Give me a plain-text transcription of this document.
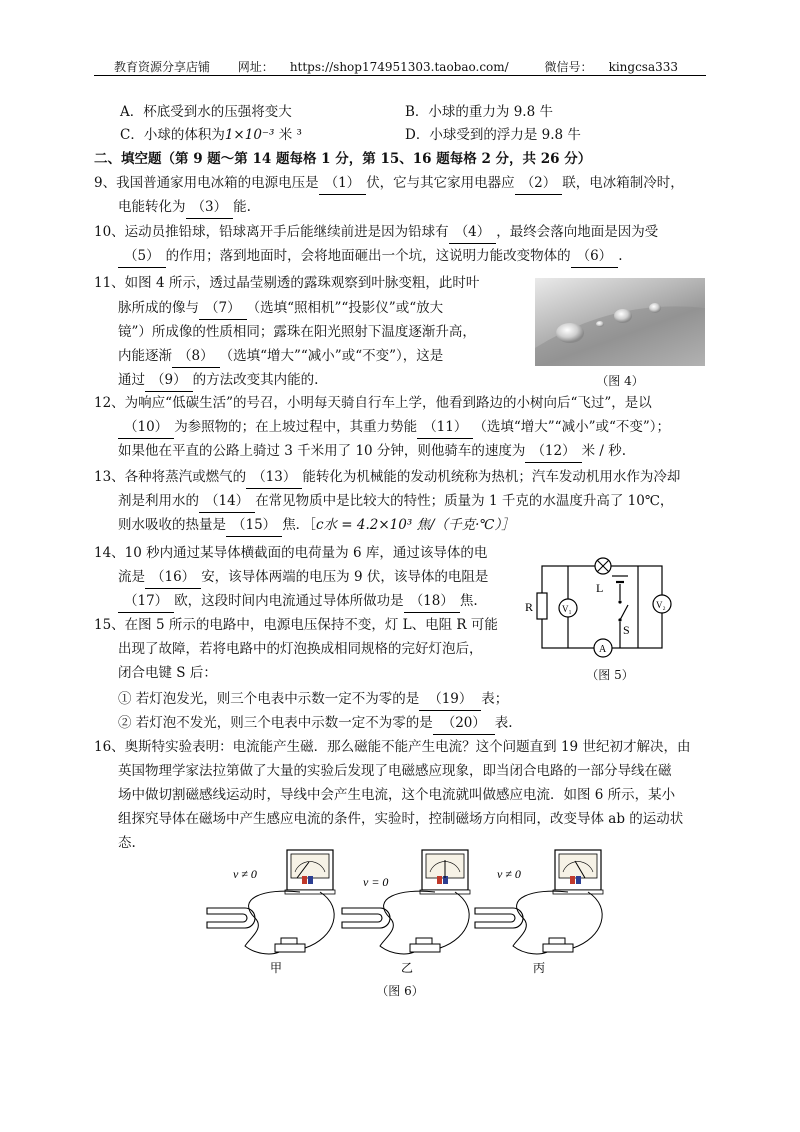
教育资源分享店铺 网址： https://shop174951303.taobao.com/	微信号： kingcsa333
A．杯底受到水的压强将变大	B．小球的重力为 9.8 牛
C．小球的体积为1×10⁻³ 米 ³	D．小球受到的浮力是 9.8 牛
二、填空题（第 9 题～第 14 题每格 1 分，第 15、16 题每格 2 分，共 26 分）
9、我国普通家用电冰箱的电源电压是 （1） 伏，它与其它家用电器应 （2） 联，电冰箱制冷时，
电能转化为 （3） 能.
10、运动员推铅球，铅球离开手后能继续前进是因为铅球有 （4） ，最终会落向地面是因为受
（5） 的作用；落到地面时，会将地面砸出一个坑，这说明力能改变物体的 （6） .
11、如图 4 所示，透过晶莹剔透的露珠观察到叶脉变粗，此时叶
脉所成的像与 （7） （选填“照相机”“投影仪”或“放大
镜”）所成像的性质相同；露珠在阳光照射下温度逐渐升高，
内能逐渐 （8） （选填“增大”“减小”或“不变”），这是
通过 （9） 的方法改变其内能的.	（图 4）
12、为响应“低碳生活”的号召，小明每天骑自行车上学，他看到路边的小树向后“飞过”，是以
（10） 为参照物的；在上坡过程中，其重力势能 （11） （选填“增大”“减小”或“不变”）；
如果他在平直的公路上骑过 3 千米用了 10 分钟，则他骑车的速度为 （12） 米 / 秒.
13、各种将蒸汽或燃气的 （13） 能转化为机械能的发动机统称为热机；汽车发动机用水作为冷却
剂是利用水的 （14） 在常见物质中是比较大的特性；质量为 1 千克的水温度升高了 10℃，
则水吸收的热量是 （15） 焦．［c水 = 4.2×10³ 焦/（千克·℃）］
14、10 秒内通过某导体横截面的电荷量为 6 库，通过该导体的电
流是 （16） 安，该导体两端的电压为 9 伏，该导体的电阻是
（17） 欧，这段时间内电流通过导体所做功是 （18） 焦.
15、在图 5 所示的电路中，电源电压保持不变，灯 L、电阻 R 可能
出现了故障，若将电路中的灯泡换成相同规格的完好灯泡后，
闭合电键 S 后：
① 若灯泡发光，则三个电表中示数一定不为零的是 （19） 表；
② 若灯泡不发光，则三个电表中示数一定不为零的是 （20） 表.
L
R
S
V₁	V₂
A
（图 5）
16、奥斯特实验表明：电流能产生磁．那么磁能不能产生电流？这个问题直到 19 世纪初才解决，由
英国物理学家法拉第做了大量的实验后发现了电磁感应现象，即当闭合电路的一部分导线在磁
场中做切割磁感线运动时，导线中会产生电流，这个电流就叫做感应电流．如图 6 所示，某小
组探究导体在磁场中产生感应电流的条件，实验时，控制磁场方向相同，改变导体 ab 的运动状
态.
v ≠ 0
v = 0
v ≠ 0
甲	乙	丙
（图 6）
